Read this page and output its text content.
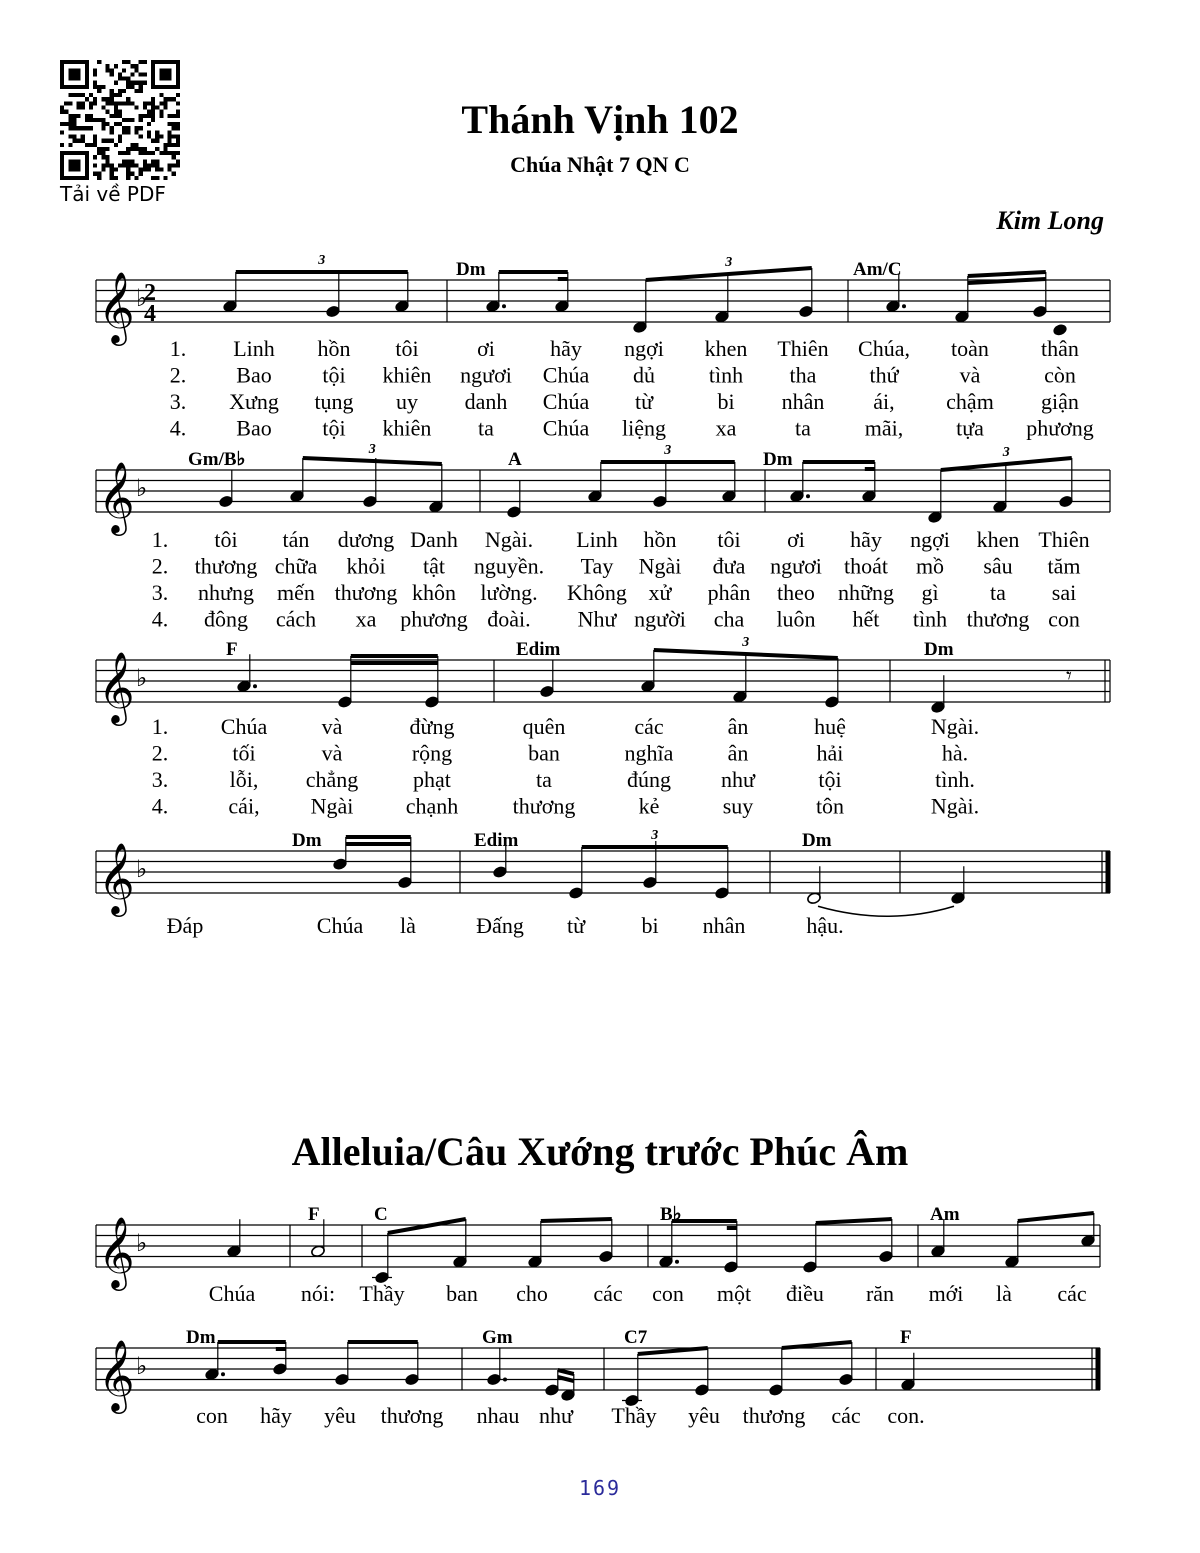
Tải về PDF
Thánh Vịnh 102
Chúa Nhật 7 QN C
Kim Long
𝄞 ♭
2
4
3	Dm	3	Am/C
1. Linh hồn tôi	ơi	hãy ngợi khen Thiên Chúa, toàn thân
2. Bao tội khiên ngươi Chúa dủ tình tha thứ	và	còn
3. Xưng tụng uy danh Chúa từ	bi nhân ái, chậm giận
4. Bao tội khiên ta Chúa liệng xa	ta mãi, tựa phương
𝄞 ♭
Gm/B♭	3	A	3	Dm	3
1. tôi tán dương Danh Ngài. Linh hồn tôi ơi hãy ngợi khen Thiên
2. thương chữa khỏi tật nguyền. Tay Ngài đưa ngươi thoát mồ sâu tăm
3. nhưng mến thương khôn lường. Không xử phân theo những gì ta sai
4. đông cách xa phương đoài. Như người cha luôn hết tình thương con
𝄞 ♭
F	Edim	3	Dm
𝄾
1. Chúa và	đừng	quên	các	ân	huệ	Ngài.
2.	tối	và	rộng	ban	nghĩa ân	hải	hà.
3.	lỗi, chẳng phạt	ta	đúng như	tội	tình.
4.	cái, Ngài chạnh thương	kẻ	suy	tôn	Ngài.
𝄞 ♭
Dm	Edim	3	Dm
Đáp	Chúa là	Đấng từ	bi nhân	hậu.
𝄞 ♭
F	C	B♭	Am
Chúa nói: Thầy ban cho các con một điều răn mới là các
𝄞 ♭
Dm	Gm	C7	F
con hãy yêu thương nhau như Thầy yêu thương các con.
Alleluia/Câu Xướng trước Phúc Âm
169
